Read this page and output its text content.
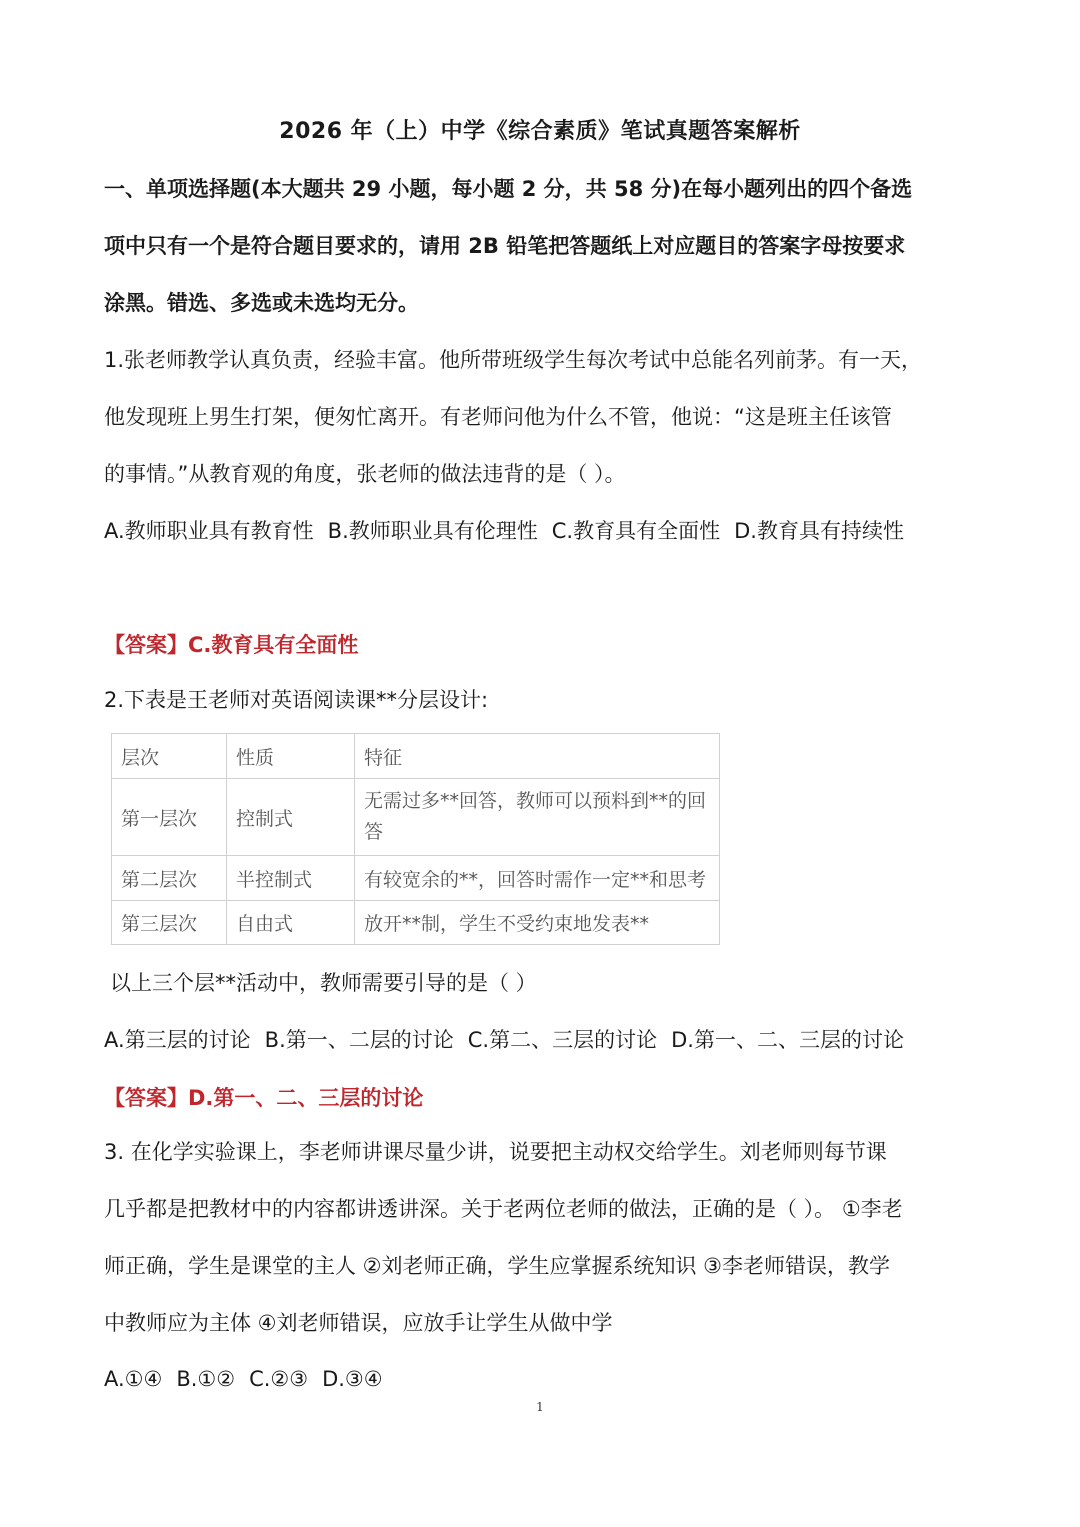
2026 年（上）中学《综合素质》笔试真题答案解析
一、单项选择题(本大题共 29 小题，每小题 2 分，共 58 分)在每小题列出的四个备选
项中只有一个是符合题目要求的，请用 2B 铅笔把答题纸上对应题目的答案字母按要求
涂黑。错选、多选或未选均无分。
1.张老师教学认真负责，经验丰富。他所带班级学生每次考试中总能名列前茅。有一天，
他发现班上男生打架，便匆忙离开。有老师问他为什么不管，他说：“这是班主任该管
的事情。”从教育观的角度，张老师的做法违背的是（ ）。
A.教师职业具有教育性 B.教师职业具有伦理性 C.教育具有全面性 D.教育具有持续性
【答案】C.教育具有全面性
2.下表是王老师对英语阅读课**分层设计:
层次	性质	特征
第一层次	控制式	无需过多**回答，教师可以预料到**的回
答

第二层次	半控制式	有较宽余的**，回答时需作一定**和思考
第三层次	自由式	放开**制，学生不受约束地发表**
以上三个层**活动中，教师需要引导的是（ ）
A.第三层的讨论 B.第一、二层的讨论 C.第二、三层的讨论 D.第一、二、三层的讨论
【答案】D.第一、二、三层的讨论
3. 在化学实验课上，李老师讲课尽量少讲，说要把主动权交给学生。刘老师则每节课
几乎都是把教材中的内容都讲透讲深。关于老两位老师的做法，正确的是（ ）。 ①李老
师正确，学生是课堂的主人 ②刘老师正确，学生应掌握系统知识 ③李老师错误，教学
中教师应为主体 ④刘老师错误，应放手让学生从做中学
A.①④ B.①② C.②③ D.③④
1
